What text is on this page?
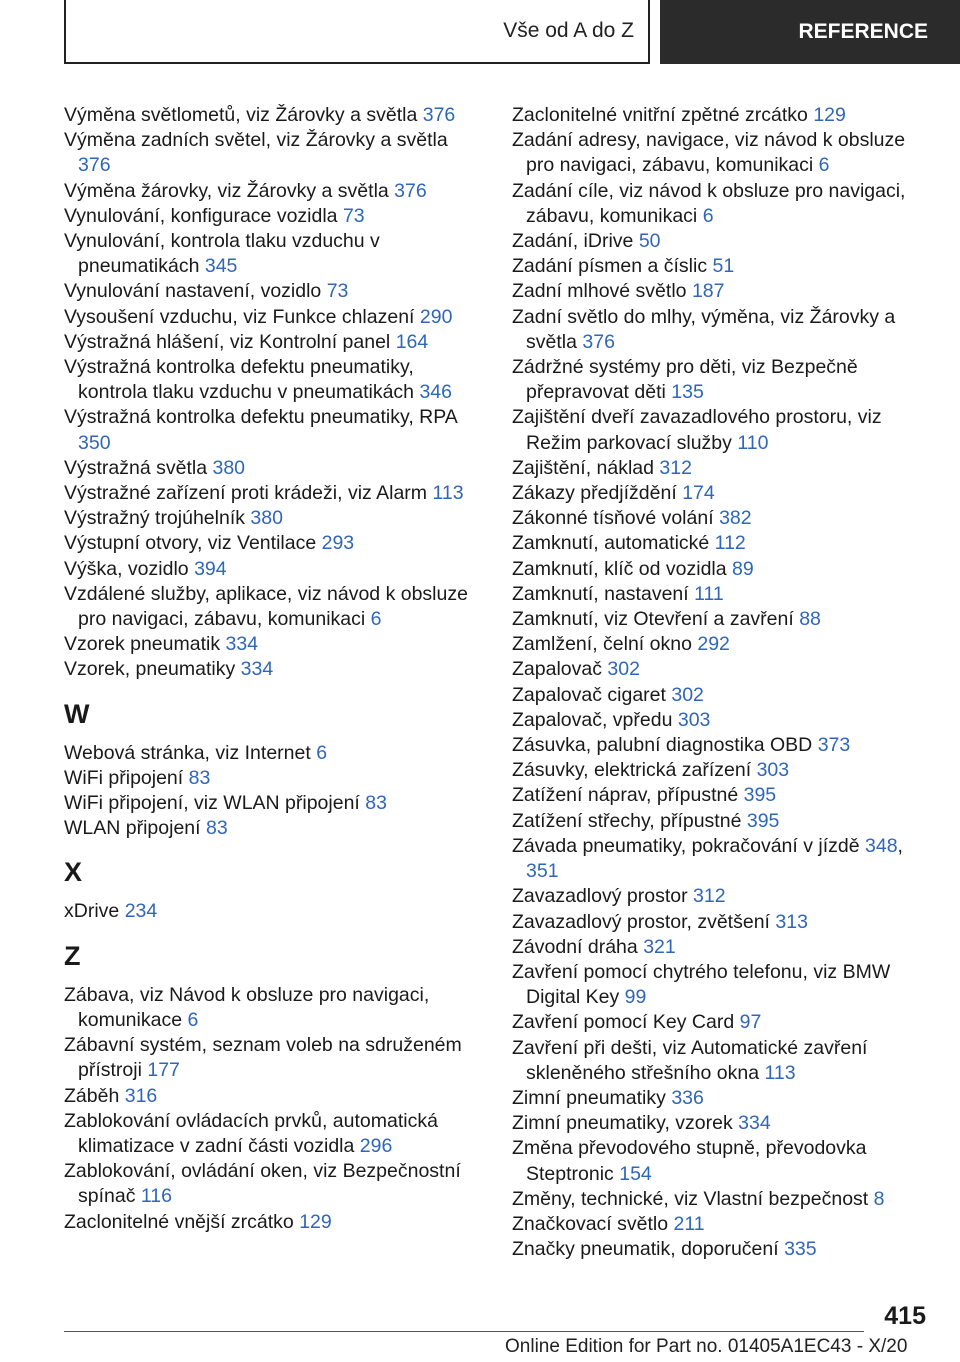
Vše od A do Z	REFERENCE

Výměna světlometů, viz Žárovky a světla 376

Výměna zadních světel, viz Žárovky a světla 376

Výměna žárovky, viz Žárovky a světla 376

Vynulování, konfigurace vozidla 73

Vynulování, kontrola tlaku vzduchu v pneumatikách 345

Vynulování nastavení, vozidlo 73

Vysoušení vzduchu, viz Funkce chlazení 290

Výstražná hlášení, viz Kontrolní panel 164

Výstražná kontrolka defektu pneumatiky, kontrola tlaku vzduchu v pneumatikách 346

Výstražná kontrolka defektu pneumatiky, RPA 350

Výstražná světla 380

Výstražné zařízení proti krádeži, viz Alarm 113

Výstražný trojúhelník 380

Výstupní otvory, viz Ventilace 293

Výška, vozidlo 394

Vzdálené služby, aplikace, viz návod k obsluze pro navigaci, zábavu, komunikaci 6

Vzorek pneumatik 334

Vzorek, pneumatiky 334

W

Webová stránka, viz Internet 6

WiFi připojení 83

WiFi připojení, viz WLAN připojení 83

WLAN připojení 83

X

xDrive 234

Z

Zábava, viz Návod k obsluze pro navigaci, komunikace 6

Zábavní systém, seznam voleb na sdruženém přístroji 177

Záběh 316

Zablokování ovládacích prvků, automatická klimatizace v zadní části vozidla 296

Zablokování, ovládání oken, viz Bezpečnostní spínač 116

Zaclonitelné vnější zrcátko 129

Zaclonitelné vnitřní zpětné zrcátko 129

Zadání adresy, navigace, viz návod k obsluze pro navigaci, zábavu, komunikaci 6

Zadání cíle, viz návod k obsluze pro navigaci, zábavu, komunikaci 6

Zadání, iDrive 50

Zadání písmen a číslic 51

Zadní mlhové světlo 187

Zadní světlo do mlhy, výměna, viz Žárovky a světla 376

Zádržné systémy pro děti, viz Bezpečně přepravovat děti 135

Zajištění dveří zavazadlového prostoru, viz Režim parkovací služby 110

Zajištění, náklad 312

Zákazy předjíždění 174

Zákonné tísňové volání 382

Zamknutí, automatické 112

Zamknutí, klíč od vozidla 89

Zamknutí, nastavení 111

Zamknutí, viz Otevření a zavření 88

Zamlžení, čelní okno 292

Zapalovač 302

Zapalovač cigaret 302

Zapalovač, vpředu 303

Zásuvka, palubní diagnostika OBD 373

Zásuvky, elektrická zařízení 303

Zatížení náprav, přípustné 395

Zatížení střechy, přípustné 395

Závada pneumatiky, pokračování v jízdě 348, 351

Zavazadlový prostor 312

Zavazadlový prostor, zvětšení 313

Závodní dráha 321

Zavření pomocí chytrého telefonu, viz BMW Digital Key 99

Zavření pomocí Key Card 97

Zavření při dešti, viz Automatické zavření skleněného střešního okna 113

Zimní pneumatiky 336

Zimní pneumatiky, vzorek 334

Změna převodového stupně, převodovka Steptronic 154

Změny, technické, viz Vlastní bezpečnost 8

Značkovací světlo 211

Značky pneumatik, doporučení 335

415
Online Edition for Part no. 01405A1EC43 - X/20
